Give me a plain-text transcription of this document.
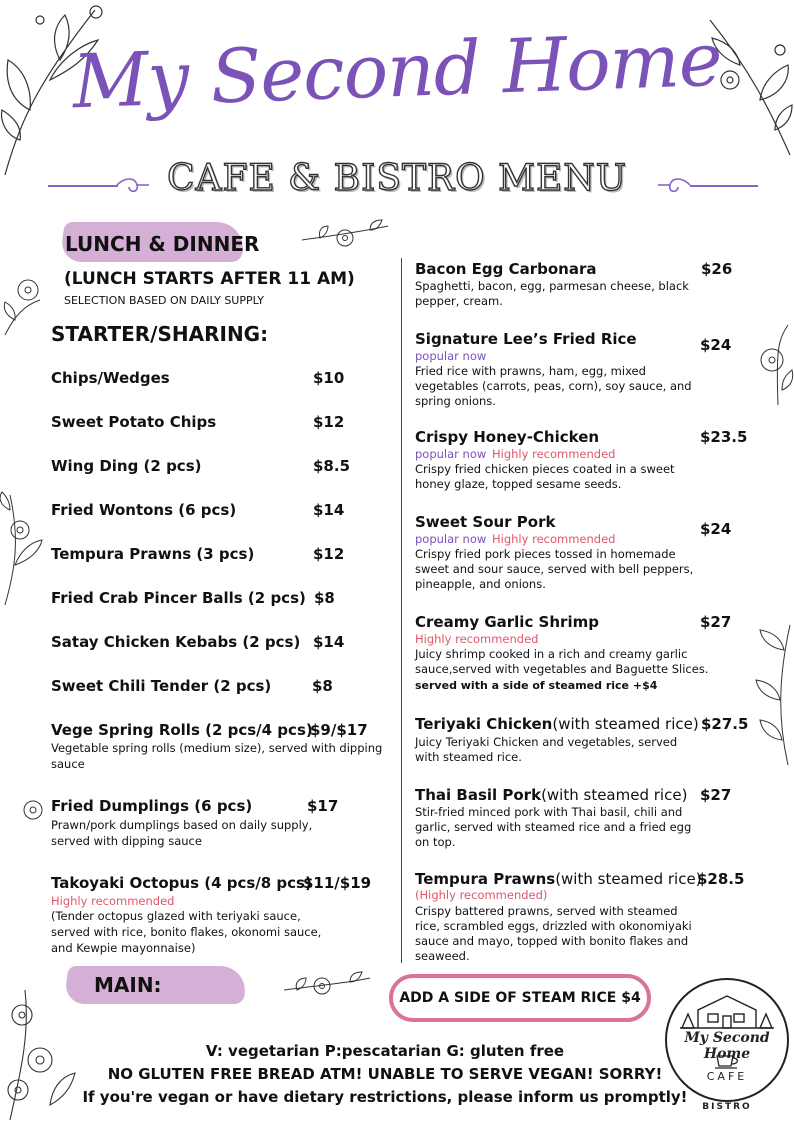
My Second Home
CAFE & BISTRO MENU
LUNCH & DINNER
(LUNCH STARTS AFTER 11 AM)
SELECTION BASED ON DAILY SUPPLY
STARTER/SHARING:
Chips/Wedges	$10
Sweet Potato Chips	$12
Wing Ding (2 pcs)	$8.5
Fried Wontons (6 pcs)	$14
Tempura Prawns (3 pcs)	$12
Fried Crab Pincer Balls (2 pcs) $8
Satay Chicken Kebabs (2 pcs) $14
Sweet Chili Tender (2 pcs)	$8
Vege Spring Rolls (2 pcs/4 pcs)
$9/$17
Vegetable spring rolls (medium size), served with dipping
sauce
Fried Dumplings (6 pcs)	$17
Prawn/pork dumplings based on daily supply,
served with dipping sauce
Takoyaki Octopus (4 pcs/8 pcs)
$11/$19
Highly recommended
(Tender octopus glazed with teriyaki sauce,
served with rice, bonito flakes, okonomi sauce,
and Kewpie mayonnaise)
Bacon Egg Carbonara	$26
Spaghetti, bacon, egg, parmesan cheese, black
pepper, cream.
Signature Lee’s Fried Rice	$24
popular now
Fried rice with prawns, ham, egg, mixed
vegetables (carrots, peas, corn), soy sauce, and
spring onions.
Crispy Honey-Chicken	$23.5
popular now Highly recommended
Crispy fried chicken pieces coated in a sweet
honey glaze, topped sesame seeds.
Sweet Sour Pork	$24
popular now Highly recommended
Crispy fried pork pieces tossed in homemade
sweet and sour sauce, served with bell peppers,
pineapple, and onions.
Creamy Garlic Shrimp	$27
Highly recommended
Juicy shrimp cooked in a rich and creamy garlic
sauce,served with vegetables and Baguette Slices.
served with a side of steamed rice +$4
Teriyaki Chicken(with steamed rice) $27.5
Juicy Teriyaki Chicken and vegetables, served
with steamed rice.
Thai Basil Pork(with steamed rice) $27
Stir-fried minced pork with Thai basil, chili and
garlic, served with steamed rice and a fried egg
on top.
Tempura Prawns(with steamed rice)
$28.5
(Highly recommended)
Crispy battered prawns, served with steamed
rice, scrambled eggs, drizzled with okonomiyaki
sauce and mayo, topped with bonito flakes and
seaweed.
MAIN:
ADD A SIDE OF STEAM RICE $4
V: vegetarian P:pescatarian G: gluten free
NO GLUTEN FREE BREAD ATM! UNABLE TO SERVE VEGAN! SORRY!
If you're vegan or have dietary restrictions, please inform us promptly!
My Second Home
CAFE
BISTRO
